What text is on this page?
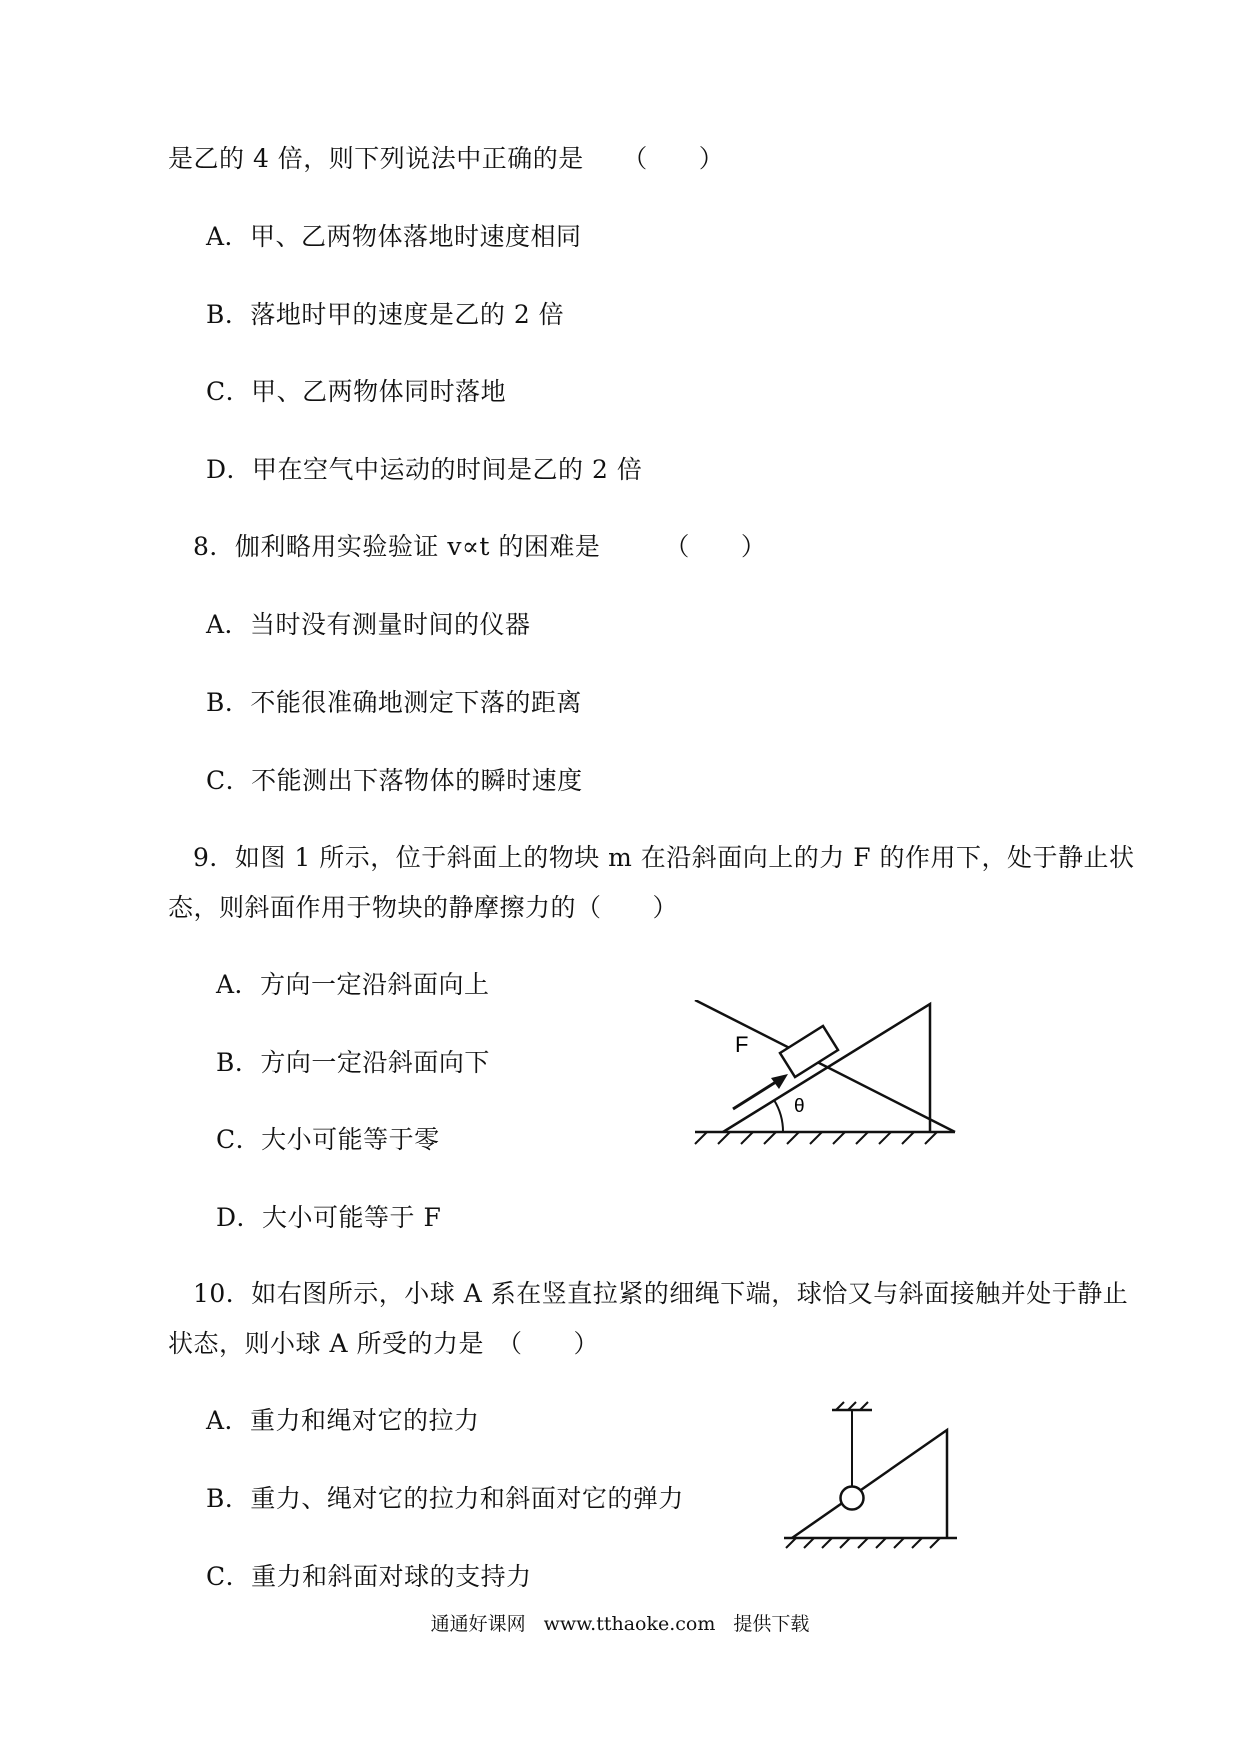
是乙的 4 倍，则下列说法中正确的是　　（　　）
A．甲、乙两物体落地时速度相同
B．落地时甲的速度是乙的 2 倍
C．甲、乙两物体同时落地
D．甲在空气中运动的时间是乙的 2 倍
8．伽利略用实验验证 v∝t 的困难是　　　（　　）
A．当时没有测量时间的仪器
B．不能很准确地测定下落的距离
C．不能测出下落物体的瞬时速度
9．如图 1 所示，位于斜面上的物块 m 在沿斜面向上的力 F 的作用下，处于静止状
态，则斜面作用于物块的静摩擦力的（　　）
A．方向一定沿斜面向上
B．方向一定沿斜面向下
C．大小可能等于零
D．大小可能等于 F
F
θ
10．如右图所示，小球 A 系在竖直拉紧的细绳下端，球恰又与斜面接触并处于静止
状态，则小球 A 所受的力是　（　　）
A．重力和绳对它的拉力
B．重力、绳对它的拉力和斜面对它的弹力
C．重力和斜面对球的支持力
通通好课网 www.tthaoke.com 提供下载
